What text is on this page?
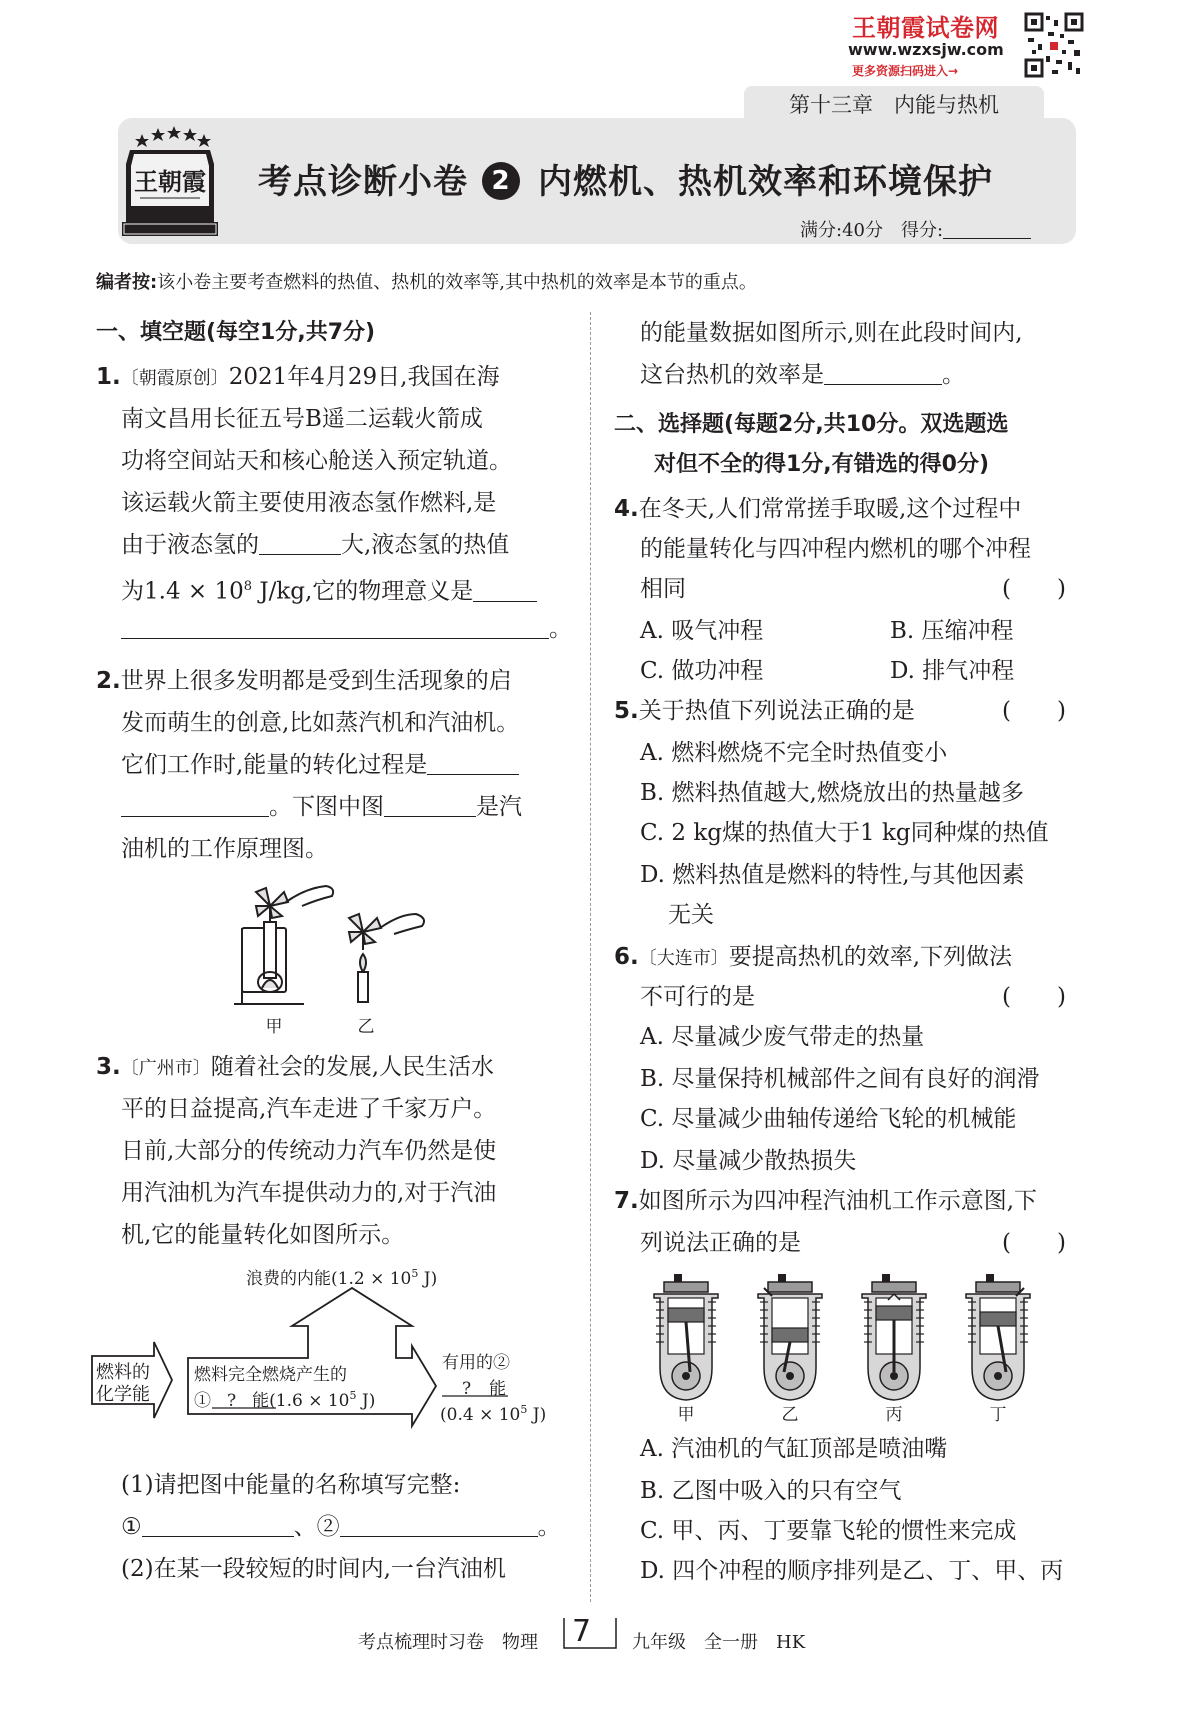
王朝霞试卷网
www.wzxsjw.com
更多资源扫码进入→
第十三章　内能与热机
王朝霞 考点诊断小卷 2 内燃机、热机效率和环境保护
满分:40分　得分:
编者按:该小卷主要考查燃料的热值、热机的效率等,其中热机的效率是本节的重点。
一、填空题(每空1分,共7分)
1.〔朝霞原创〕2021年4月29日,我国在海
南文昌用长征五号B遥二运载火箭成
功将空间站天和核心舱送入预定轨道。
该运载火箭主要使用液态氢作燃料,是
由于液态氢的	大,液态氢的热值
为$1.4 \times 10^8$ J/kg,它的物理意义是
。
2.世界上很多发明都是受到生活现象的启
发而萌生的创意,比如蒸汽机和汽油机。
它们工作时,能量的转化过程是
。下图中图	是汽
油机的工作原理图。
甲	乙
3.〔广州市〕随着社会的发展,人民生活水
平的日益提高,汽车走进了千家万户。
日前,大部分的传统动力汽车仍然是使
用汽油机为汽车提供动力的,对于汽油
机,它的能量转化如图所示。
浪费的内能($1.2 \times 10^5$ J)
燃料的
化学能
燃料完全燃烧产生的
① ? 能($1.6 \times 10^5$ J)
有用的②
? 能
($0.4 \times 10^5$ J)
(1)请把图中能量的名称填写完整:
①	、②	。
(2)在某一段较短的时间内,一台汽油机
的能量数据如图所示,则在此段时间内,
这台热机的效率是	。
二、选择题(每题2分,共10分。双选题选
对但不全的得1分,有错选的得0分)
4.在冬天,人们常常搓手取暖,这个过程中
的能量转化与四冲程内燃机的哪个冲程
相同	(　　)
A. 吸气冲程	B. 压缩冲程
C. 做功冲程	D. 排气冲程
5.关于热值下列说法正确的是	(　　)
A. 燃料燃烧不完全时热值变小
B. 燃料热值越大,燃烧放出的热量越多
C. 2 kg煤的热值大于1 kg同种煤的热值
D. 燃料热值是燃料的特性,与其他因素
无关
6.〔大连市〕要提高热机的效率,下列做法
不可行的是	(　　)
A. 尽量减少废气带走的热量
B. 尽量保持机械部件之间有良好的润滑
C. 尽量减少曲轴传递给飞轮的机械能
D. 尽量减少散热损失
7.如图所示为四冲程汽油机工作示意图,下
列说法正确的是	(　　)
甲	乙	丙	丁
A. 汽油机的气缸顶部是喷油嘴
B. 乙图中吸入的只有空气
C. 甲、丙、丁要靠飞轮的惯性来完成
D. 四个冲程的顺序排列是乙、丁、甲、丙
考点梳理时习卷　物理 7 九年级　全一册　HK
